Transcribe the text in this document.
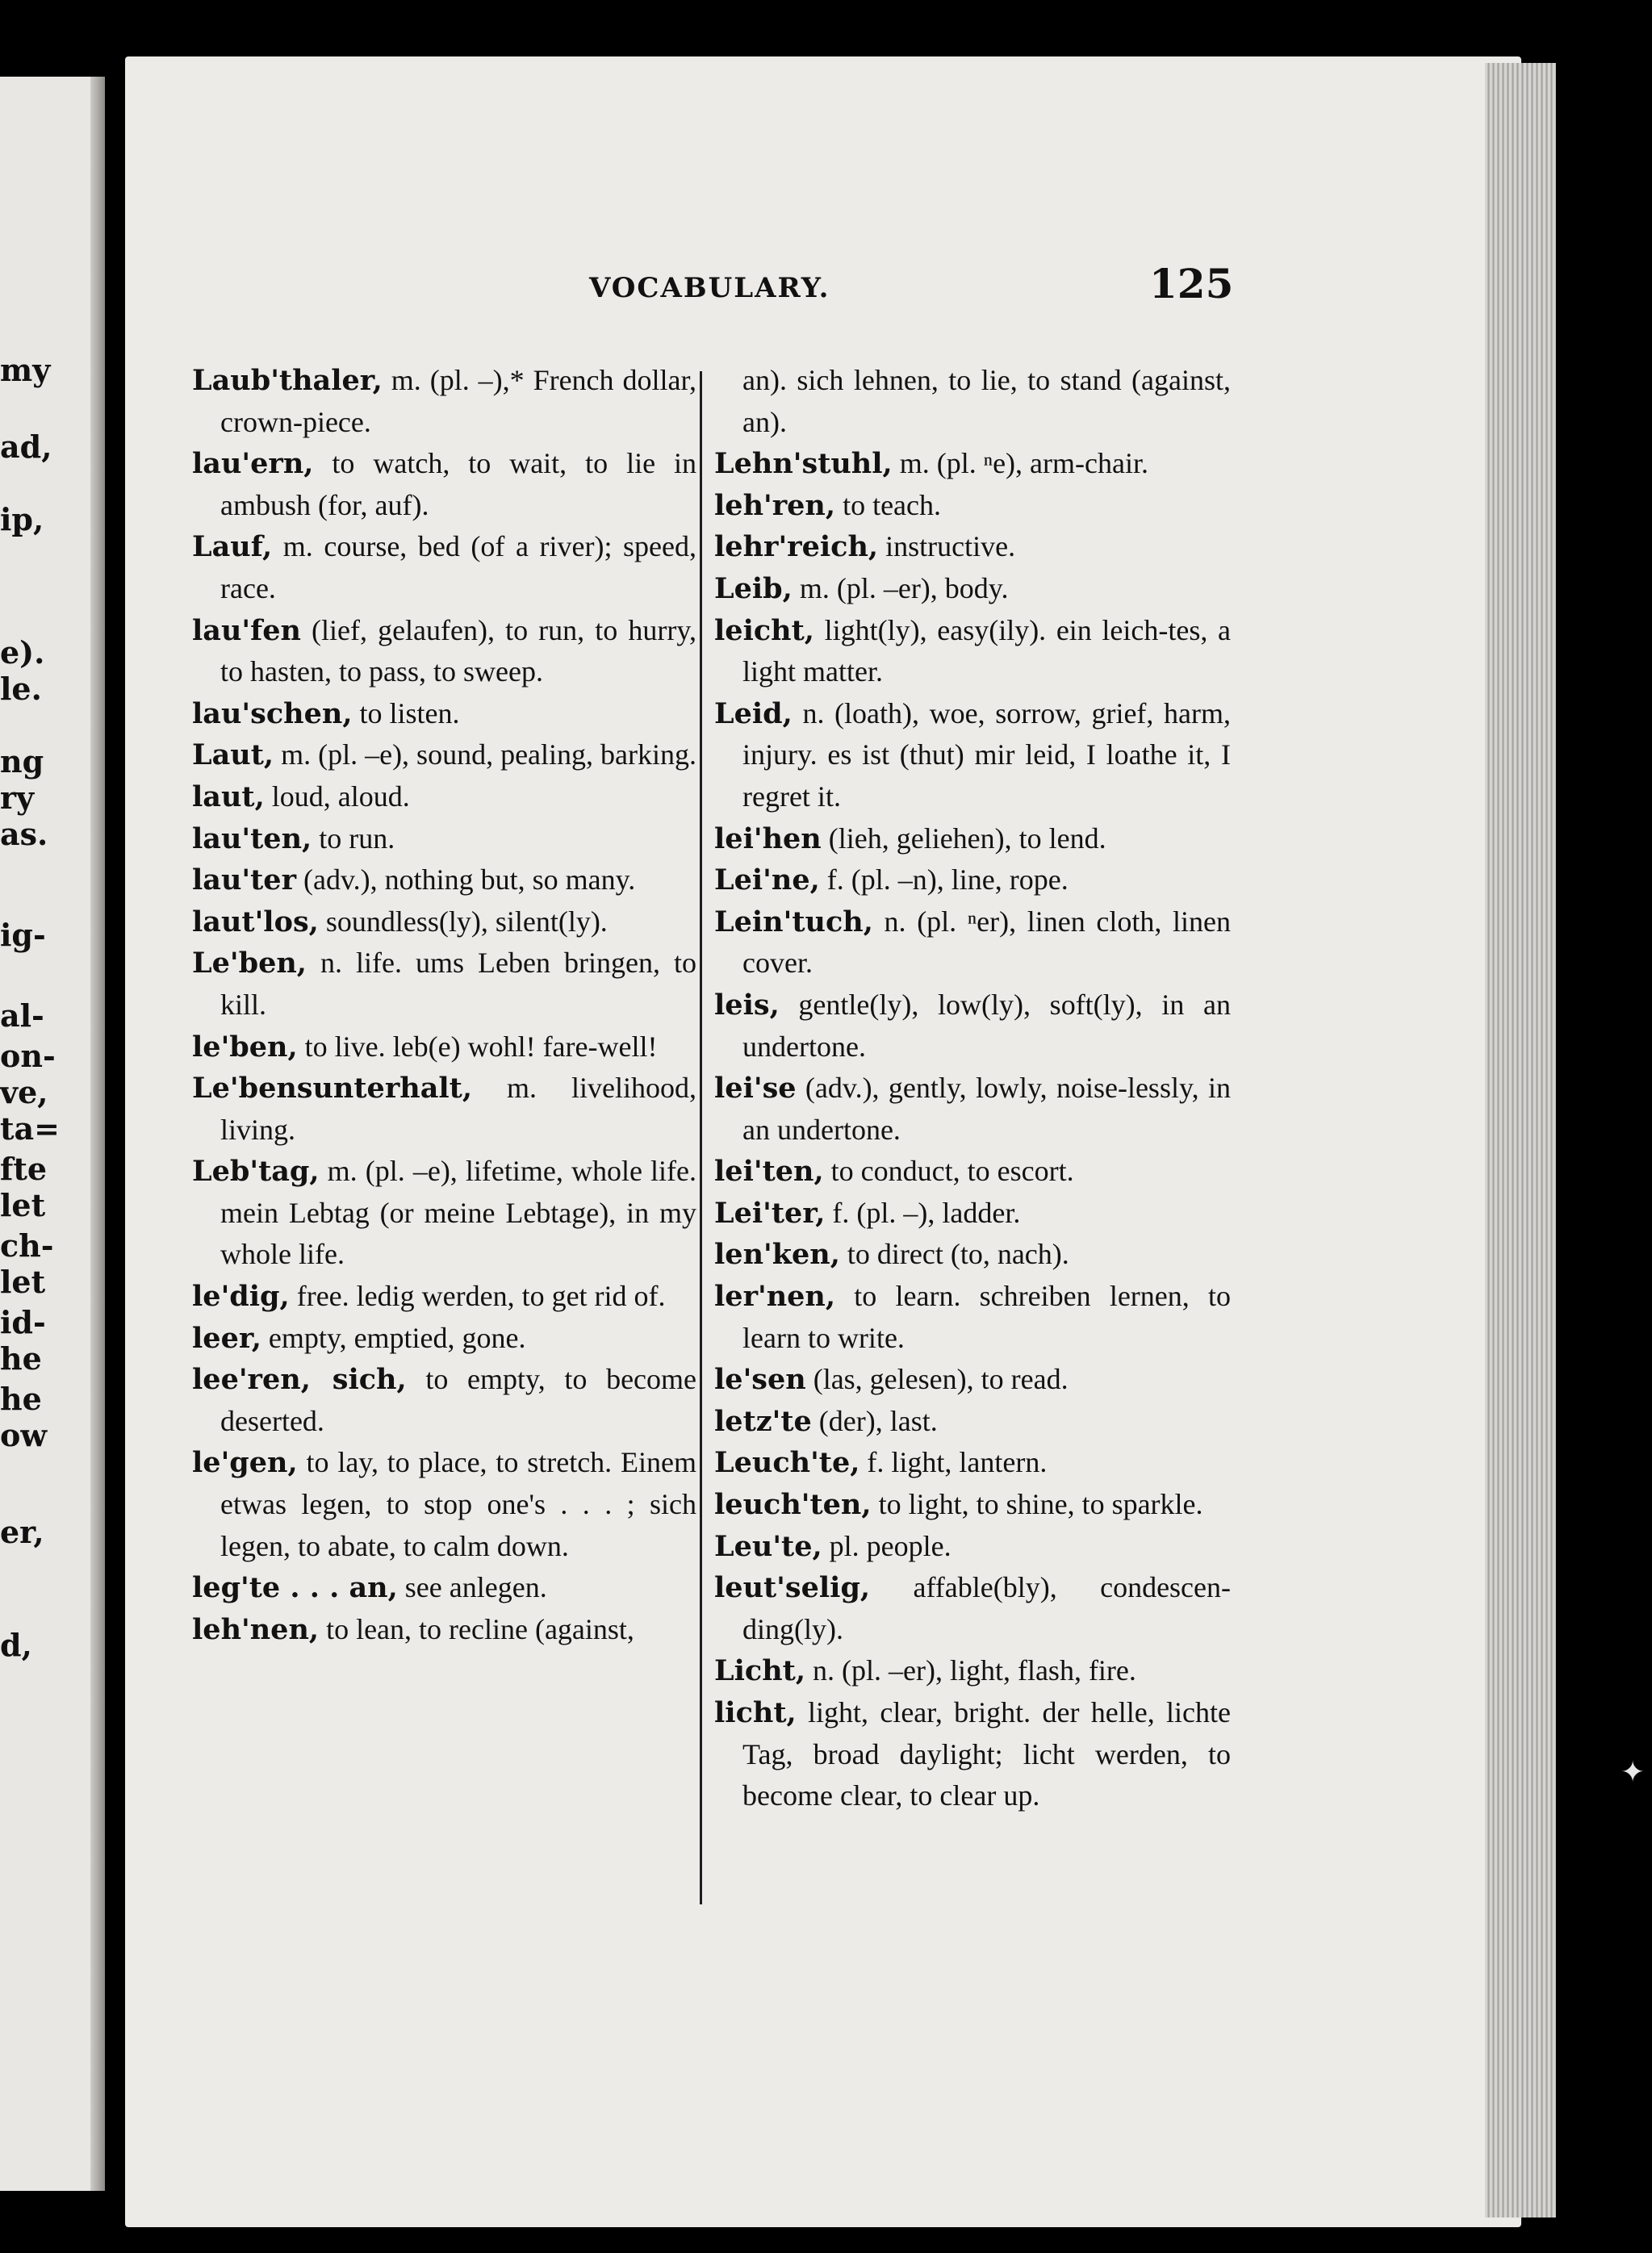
my
ad,
ip,
e).
le.
ng
ry
as.
ig-
al-
on-
ve,
ta=
fte
let
ch-
let
id-
he
he
ow
er,
d,
VOCABULARY.	125

Laub'thaler, m. (pl. –),* French dollar, crown-piece.

lau'ern, to watch, to wait, to lie in ambush (for, auf).

Lauf, m. course, bed (of a river); speed, race.

lau'fen (lief, gelaufen), to run, to hurry, to hasten, to pass, to sweep.

lau'schen, to listen.

Laut, m. (pl. –e), sound, pealing, barking.

laut, loud, aloud.

lau'ten, to run.

lau'ter (adv.), nothing but, so many.

laut'los, soundless(ly), silent(ly).

Le'ben, n. life. ums Leben bringen, to kill.

le'ben, to live. leb(e) wohl! fare-well!

Le'bensunterhalt, m. livelihood, living.

Leb'tag, m. (pl. –e), lifetime, whole life. mein Lebtag (or meine Lebtage), in my whole life.

le'dig, free. ledig werden, to get rid of.

leer, empty, emptied, gone.

lee'ren, sich, to empty, to become deserted.

le'gen, to lay, to place, to stretch. Einem etwas legen, to stop one's . . . ; sich legen, to abate, to calm down.

leg'te . . . an, see anlegen.

leh'nen, to lean, to recline (against,

an). sich lehnen, to lie, to stand (against, an).

Lehn'stuhl, m. (pl. ⁿe), arm-chair.

leh'ren, to teach.

lehr'reich, instructive.

Leib, m. (pl. –er), body.

leicht, light(ly), easy(ily). ein leich-tes, a light matter.

Leid, n. (loath), woe, sorrow, grief, harm, injury. es ist (thut) mir leid, I loathe it, I regret it.

lei'hen (lieh, geliehen), to lend.

Lei'ne, f. (pl. –n), line, rope.

Lein'tuch, n. (pl. ⁿer), linen cloth, linen cover.

leis, gentle(ly), low(ly), soft(ly), in an undertone.

lei'se (adv.), gently, lowly, noise-lessly, in an undertone.

lei'ten, to conduct, to escort.

Lei'ter, f. (pl. –), ladder.

len'ken, to direct (to, nach).

ler'nen, to learn. schreiben lernen, to learn to write.

le'sen (las, gelesen), to read.

letz'te (der), last.

Leuch'te, f. light, lantern.

leuch'ten, to light, to shine, to sparkle.

Leu'te, pl. people.

leut'selig, affable(bly), condescen-ding(ly).

Licht, n. (pl. –er), light, flash, fire.

licht, light, clear, bright. der helle, lichte Tag, broad daylight; licht werden, to become clear, to clear up.

✦
